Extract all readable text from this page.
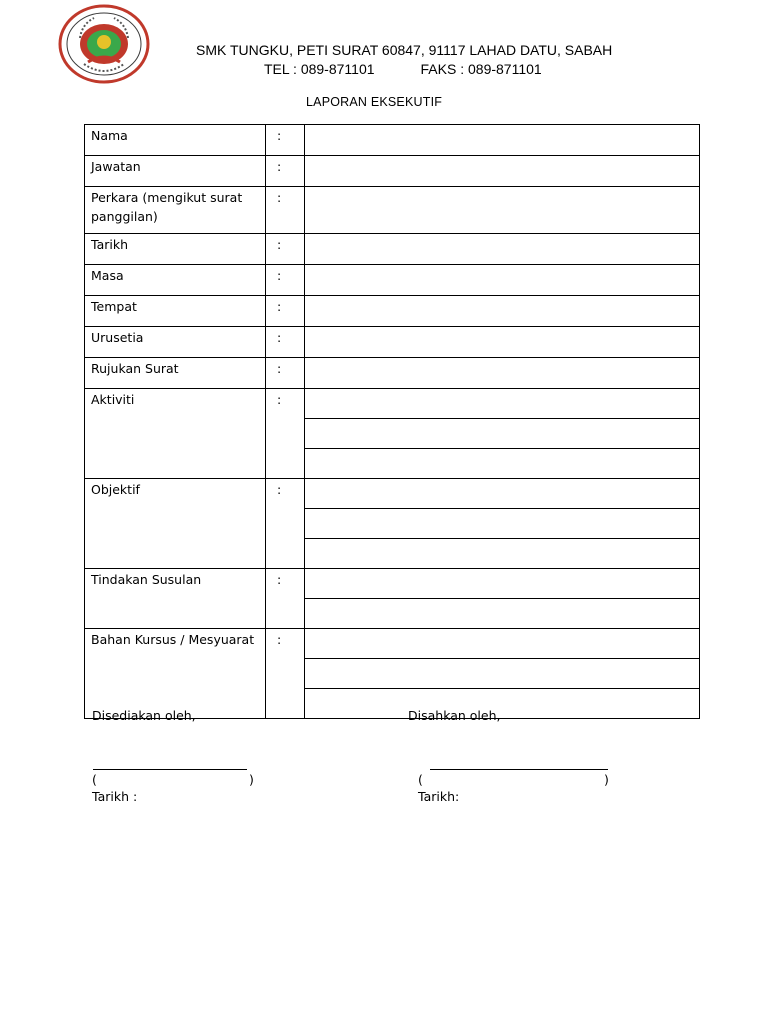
SMK TUNGKU, PETI SURAT 60847, 91117 LAHAD DATU, SABAH
TEL : 089-871101	FAKS : 089-871101
LAPORAN EKSEKUTIF
Nama	:	
Jawatan	:	
Perkara (mengikut surat panggilan)	:	
Tarikh	:	
Masa	:	
Tempat	:	
Urusetia	:	
Rujukan Surat	:	
Aktiviti	:	

Objektif	:	

Tindakan Susulan	:	

Bahan Kursus / Mesyuarat	:	

Disediakan oleh,	Disahkan oleh,
(	)	(	)
Tarikh :	Tarikh:
